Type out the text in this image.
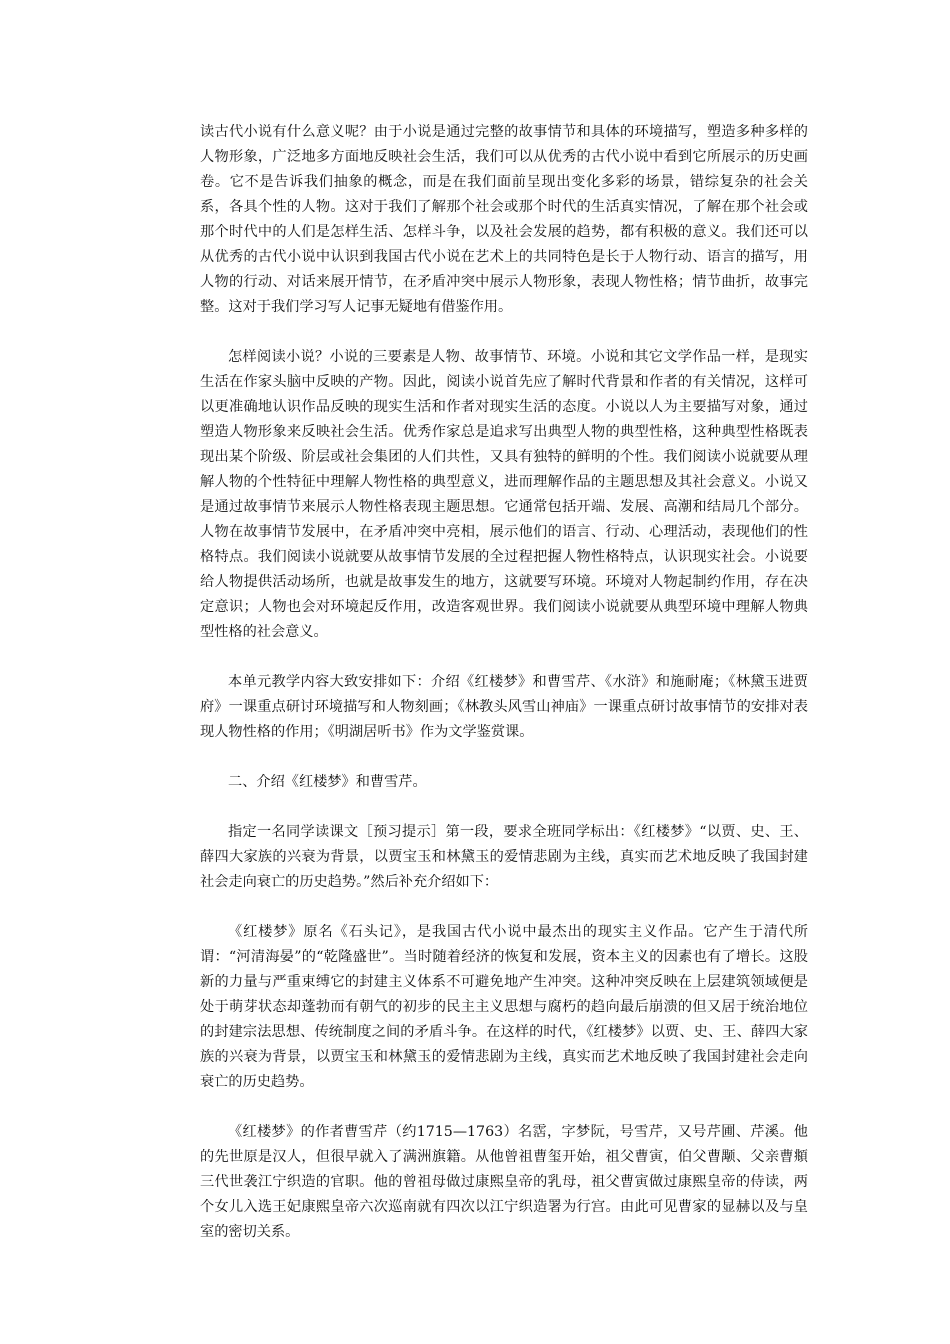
读古代小说有什么意义呢？由于小说是通过完整的故事情节和具体的环境描写，塑造多种多样的人物形象，广泛地多方面地反映社会生活，我们可以从优秀的古代小说中看到它所展示的历史画卷。它不是告诉我们抽象的概念，而是在我们面前呈现出变化多彩的场景，错综复杂的社会关系，各具个性的人物。这对于我们了解那个社会或那个时代的生活真实情况，了解在那个社会或那个时代中的人们是怎样生活、怎样斗争，以及社会发展的趋势，都有积极的意义。我们还可以从优秀的古代小说中认识到我国古代小说在艺术上的共同特色是长于人物行动、语言的描写，用人物的行动、对话来展开情节，在矛盾冲突中展示人物形象，表现人物性格；情节曲折，故事完整。这对于我们学习写人记事无疑地有借鉴作用。

怎样阅读小说？小说的三要素是人物、故事情节、环境。小说和其它文学作品一样，是现实生活在作家头脑中反映的产物。因此，阅读小说首先应了解时代背景和作者的有关情况，这样可以更准确地认识作品反映的现实生活和作者对现实生活的态度。小说以人为主要描写对象，通过塑造人物形象来反映社会生活。优秀作家总是追求写出典型人物的典型性格，这种典型性格既表现出某个阶级、阶层或社会集团的人们共性，又具有独特的鲜明的个性。我们阅读小说就要从理解人物的个性特征中理解人物性格的典型意义，进而理解作品的主题思想及其社会意义。小说又是通过故事情节来展示人物性格表现主题思想。它通常包括开端、发展、高潮和结局几个部分。人物在故事情节发展中，在矛盾冲突中亮相，展示他们的语言、行动、心理活动，表现他们的性格特点。我们阅读小说就要从故事情节发展的全过程把握人物性格特点，认识现实社会。小说要给人物提供活动场所，也就是故事发生的地方，这就要写环境。环境对人物起制约作用，存在决定意识；人物也会对环境起反作用，改造客观世界。我们阅读小说就要从典型环境中理解人物典型性格的社会意义。

本单元教学内容大致安排如下：介绍《红楼梦》和曹雪芹、《水浒》和施耐庵；《林黛玉进贾府》一课重点研讨环境描写和人物刻画；《林教头风雪山神庙》一课重点研讨故事情节的安排对表现人物性格的作用；《明湖居听书》作为文学鉴赏课。

二、介绍《红楼梦》和曹雪芹。

指定一名同学读课文［预习提示］第一段，要求全班同学标出：《红楼梦》“以贾、史、王、薛四大家族的兴衰为背景，以贾宝玉和林黛玉的爱情悲剧为主线，真实而艺术地反映了我国封建社会走向衰亡的历史趋势。”然后补充介绍如下：

《红楼梦》原名《石头记》，是我国古代小说中最杰出的现实主义作品。它产生于清代所谓：“河清海晏”的“乾隆盛世”。当时随着经济的恢复和发展，资本主义的因素也有了增长。这股新的力量与严重束缚它的封建主义体系不可避免地产生冲突。这种冲突反映在上层建筑领域便是处于萌芽状态却蓬勃而有朝气的初步的民主主义思想与腐朽的趋向最后崩溃的但又居于统治地位的封建宗法思想、传统制度之间的矛盾斗争。在这样的时代，《红楼梦》以贾、史、王、薛四大家族的兴衰为背景，以贾宝玉和林黛玉的爱情悲剧为主线，真实而艺术地反映了我国封建社会走向衰亡的历史趋势。

《红楼梦》的作者曹雪芹（约1715—1763）名霑，字梦阮，号雪芹，又号芹圃、芹溪。他的先世原是汉人，但很早就入了满洲旗籍。从他曾祖曹玺开始，祖父曹寅，伯父曹颙、父亲曹頫三代世袭江宁织造的官职。他的曾祖母做过康熙皇帝的乳母，祖父曹寅做过康熙皇帝的侍读，两个女儿入选王妃康熙皇帝六次巡南就有四次以江宁织造署为行宫。由此可见曹家的显赫以及与皇室的密切关系。
